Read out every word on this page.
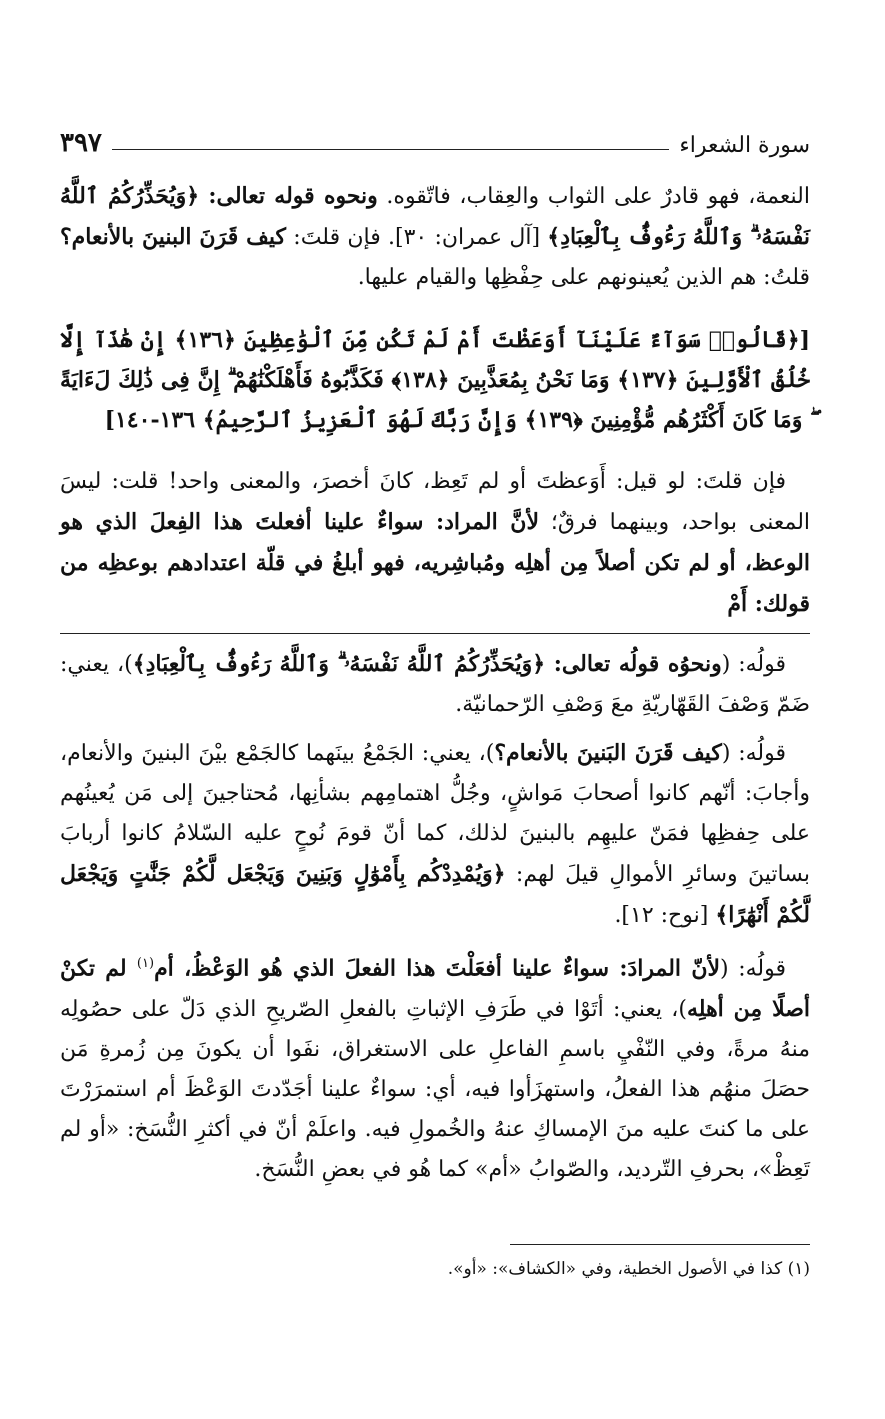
سورة الشعراء
٣٩٧

النعمة، فهو قادرٌ على الثواب والعِقاب، فاتّقوه. ونحوه قوله تعالى: ﴿وَيُحَذِّرُكُمُ ٱللَّهُ نَفْسَهُۥ ۗ وَٱللَّهُ رَءُوفٌۢ بِٱلْعِبَادِ﴾ [آل عمران: ٣٠]. فإن قلتَ: كيف قَرَنَ البنينَ بالأنعام؟ قلتُ: هم الذين يُعينونهم على حِفْظِها والقيام عليها.

[﴿قَالُوا۟ سَوَآءٌ عَلَيْنَآ أَوَعَظْتَ أَمْ لَمْ تَكُن مِّنَ ٱلْوَٰعِظِينَ ﴿١٣٦﴾ إِنْ هَٰذَآ إِلَّا خُلُقُ ٱلْأَوَّلِينَ ﴿١٣٧﴾ وَمَا نَحْنُ بِمُعَذَّبِينَ ﴿١٣٨﴾ فَكَذَّبُوهُ فَأَهْلَكْنَٰهُمْ ۗ إِنَّ فِى ذَٰلِكَ لَءَايَةً ۖ وَمَا كَانَ أَكْثَرُهُم مُّؤْمِنِينَ ﴿١٣٩﴾ وَإِنَّ رَبَّكَ لَهُوَ ٱلْعَزِيزُ ٱلرَّحِيمُ﴾ ١٣٦-١٤٠]

فإن قلتَ: لو قيل: أَوَعظتَ أو لم تَعِظ، كانَ أخصرَ، والمعنى واحد! قلت: ليسَ المعنى بواحد، وبينهما فرقٌ؛ لأنَّ المراد: سواءٌ علينا أفعلتَ هذا الفِعلَ الذي هو الوعظ، أو لم تكن أصلاً مِن أهلِه ومُباشِريه، فهو أبلغُ في قلّة اعتدادهم بوعظِه من قولك: أَمْ

قولُه: (ونحوُه قولُه تعالى: ﴿وَيُحَذِّرُكُمُ ٱللَّهُ نَفْسَهُۥ ۗ وَٱللَّهُ رَءُوفٌۢ بِٱلْعِبَادِ﴾)، يعني: ضَمّ وَصْفَ القَهّاريّةِ معَ وَصْفِ الرّحمانيّة.

قولُه: (كيف قَرَنَ البَنينَ بالأنعام؟)، يعني: الجَمْعُ بينَهما كالجَمْع بيْنَ البنينَ والأنعام، وأجابَ: أنّهم كانوا أصحابَ مَواشٍ، وجُلُّ اهتمامِهم بشأنِها، مُحتاجينَ إلى مَن يُعينُهم على حِفظِها فمَنّ عليهِم بالبنينَ لذلك، كما أنّ قومَ نُوحٍ عليه السّلامُ كانوا أربابَ بساتينَ وسائرِ الأموالِ قيلَ لهم: ﴿وَيُمْدِدْكُم بِأَمْوَٰلٍ وَبَنِينَ وَيَجْعَل لَّكُمْ جَنَّٰتٍ وَيَجْعَل لَّكُمْ أَنْهَٰرًا﴾ [نوح: ١٢].

قولُه: (لأنّ المرادَ: سواءٌ علينا أفعَلْتَ هذا الفعلَ الذي هُو الوَعْظُ، أم$^{(١)}$ لم تكنْ أصلًا مِن أهلِه)، يعني: أتَوْا في طَرَفِ الإثباتِ بالفعلِ الصّريحِ الذي دَلّ على حصُولِه منهُ مرةً، وفي النّفْيِ باسمِ الفاعلِ على الاستغراق، نفَوا أن يكونَ مِن زُمرةِ مَن حصَلَ منهُم هذا الفعلُ، واستهزَأوا فيه، أي: سواءٌ علينا أجَدّدتَ الوَعْظَ أم استمرَرْتَ على ما كنتَ عليه منَ الإمساكِ عنهُ والخُمولِ فيه. واعلَمْ أنّ في أكثرِ النُّسَخ: «أو لم تَعِظْ»، بحرفِ التّرديد، والصّوابُ «أم» كما هُو في بعضِ النُّسَخ.

(١) كذا في الأصول الخطية، وفي «الكشاف»: «أو».
